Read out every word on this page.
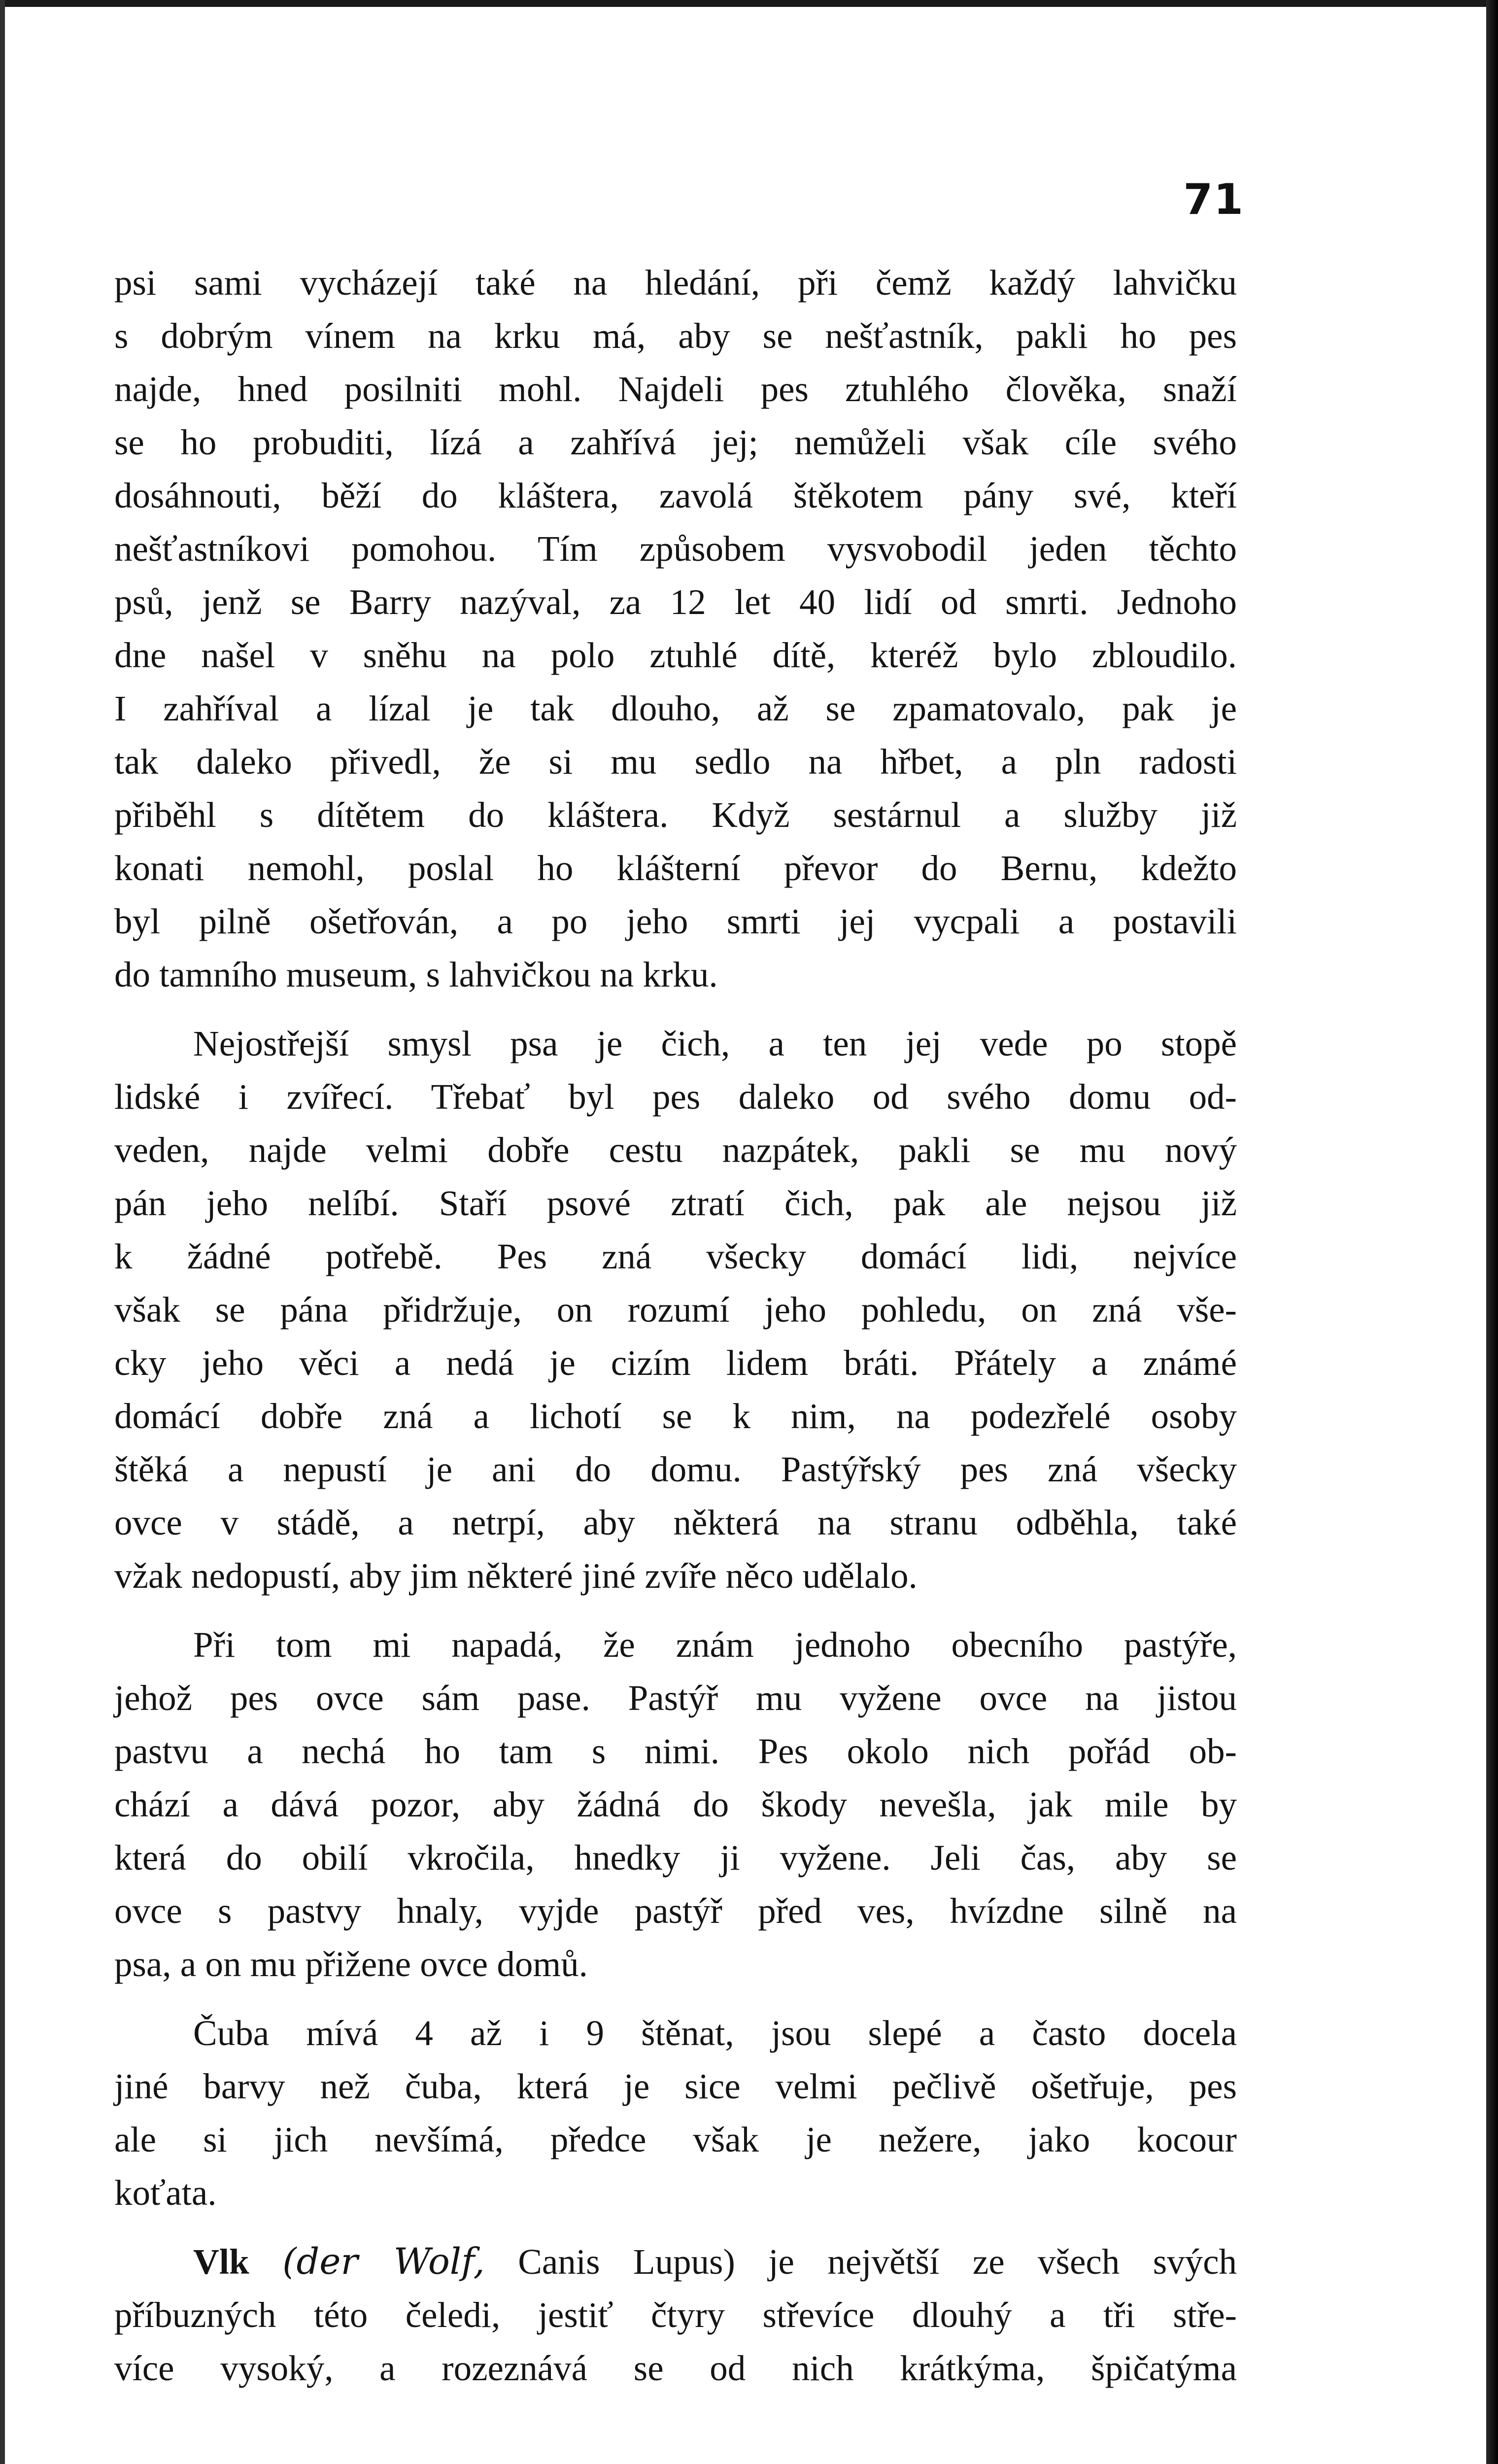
71

psi sami vycházejí také na hledání, při čemž každý lahvičku
s dobrým vínem na krku má, aby se nešťastník, pakli ho pes
najde, hned posilniti mohl. Najdeli pes ztuhlého člověka, snaží
se ho probuditi, lízá a zahřívá jej; nemůželi však cíle svého
dosáhnouti, běží do kláštera, zavolá štěkotem pány své, kteří
nešťastníkovi pomohou. Tím způsobem vysvobodil jeden těchto
psů, jenž se Barry nazýval, za 12 let 40 lidí od smrti. Jednoho
dne našel v sněhu na polo ztuhlé dítě, kteréž bylo zbloudilo.
I zahříval a lízal je tak dlouho, až se zpamatovalo, pak je
tak daleko přivedl, že si mu sedlo na hřbet, a pln radosti
přiběhl s dítětem do kláštera. Když sestárnul a služby již
konati nemohl, poslal ho klášterní převor do Bernu, kdežto
byl pilně ošetřován, a po jeho smrti jej vycpali a postavili
do tamního museum, s lahvičkou na krku.

Nejostřejší smysl psa je čich, a ten jej vede po stopě
lidské i zvířecí. Třebať byl pes daleko od svého domu od-
veden, najde velmi dobře cestu nazpátek, pakli se mu nový
pán jeho nelíbí. Staří psové ztratí čich, pak ale nejsou již
k žádné potřebě. Pes zná všecky domácí lidi, nejvíce
však se pána přidržuje, on rozumí jeho pohledu, on zná vše-
cky jeho věci a nedá je cizím lidem bráti. Přátely a známé
domácí dobře zná a lichotí se k nim, na podezřelé osoby
štěká a nepustí je ani do domu. Pastýřský pes zná všecky
ovce v stádě, a netrpí, aby některá na stranu odběhla, také
vžak nedopustí, aby jim některé jiné zvíře něco udělalo.

Při tom mi napadá, že znám jednoho obecního pastýře,
jehož pes ovce sám pase. Pastýř mu vyžene ovce na jistou
pastvu a nechá ho tam s nimi. Pes okolo nich pořád ob-
chází a dává pozor, aby žádná do škody nevešla, jak mile by
která do obilí vkročila, hnedky ji vyžene. Jeli čas, aby se
ovce s pastvy hnaly, vyjde pastýř před ves, hvízdne silně na
psa, a on mu přižene ovce domů.

Čuba mívá 4 až i 9 štěnat, jsou slepé a často docela
jiné barvy než čuba, která je sice velmi pečlivě ošetřuje, pes
ale si jich nevšímá, předce však je nežere, jako kocour
koťata.

Vlk (der Wolf, Canis Lupus) je největší ze všech svých
příbuzných této čeledi, jestiť čtyry střevíce dlouhý a tři stře-
více vysoký, a rozeznává se od nich krátkýma, špičatýma
